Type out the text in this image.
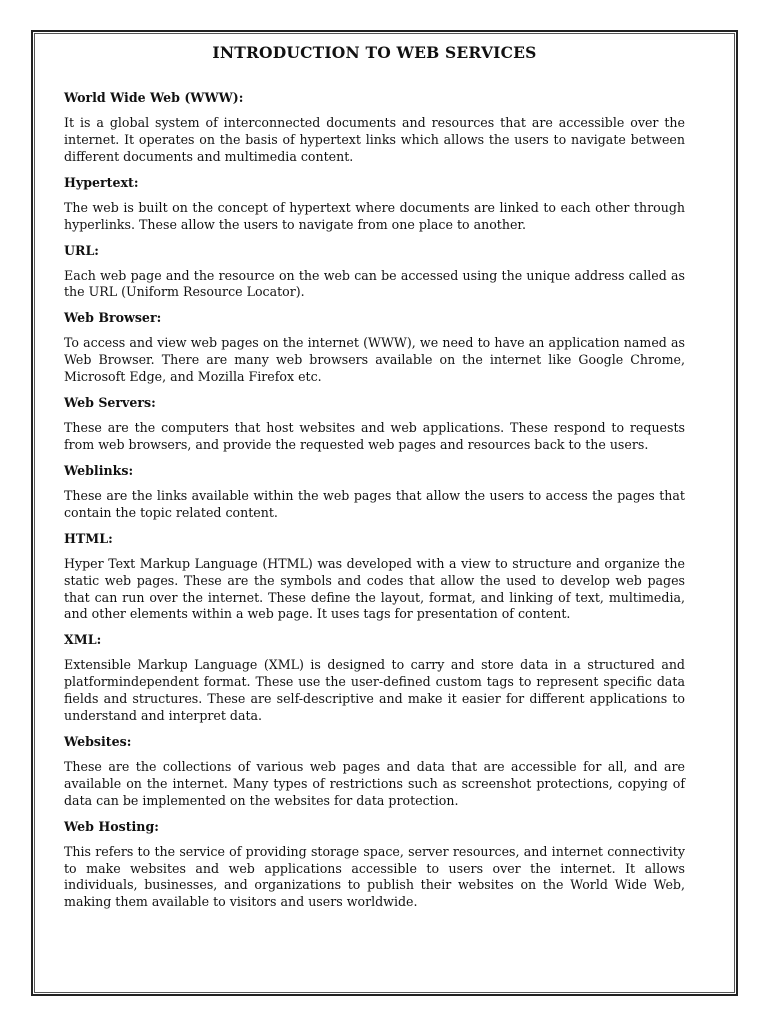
INTRODUCTION TO WEB SERVICES
World Wide Web (WWW):

It is a global system of interconnected documents and resources that are accessible over the internet. It operates on the basis of hypertext links which allows the users to navigate between different documents and multimedia content.

Hypertext:

The web is built on the concept of hypertext where documents are linked to each other through hyperlinks. These allow the users to navigate from one place to another.

URL:

Each web page and the resource on the web can be accessed using the unique address called as the URL (Uniform Resource Locator).

Web Browser:

To access and view web pages on the internet (WWW), we need to have an application named as Web Browser. There are many web browsers available on the internet like Google Chrome, Microsoft Edge, and Mozilla Firefox etc.

Web Servers:

These are the computers that host websites and web applications. These respond to requests from web browsers, and provide the requested web pages and resources back to the users.

Weblinks:

These are the links available within the web pages that allow the users to access the pages that contain the topic related content.

HTML:

Hyper Text Markup Language (HTML) was developed with a view to structure and organize the static web pages. These are the symbols and codes that allow the used to develop web pages that can run over the internet. These define the layout, format, and linking of text, multimedia, and other elements within a web page. It uses tags for presentation of content.

XML:

Extensible Markup Language (XML) is designed to carry and store data in a structured and platformindependent format. These use the user-defined custom tags to represent specific data fields and structures. These are self-descriptive and make it easier for different applications to understand and interpret data.

Websites:

These are the collections of various web pages and data that are accessible for all, and are available on the internet. Many types of restrictions such as screenshot protections, copying of data can be implemented on the websites for data protection.

Web Hosting:

This refers to the service of providing storage space, server resources, and internet connectivity to make websites and web applications accessible to users over the internet. It allows individuals, businesses, and organizations to publish their websites on the World Wide Web, making them available to visitors and users worldwide.
